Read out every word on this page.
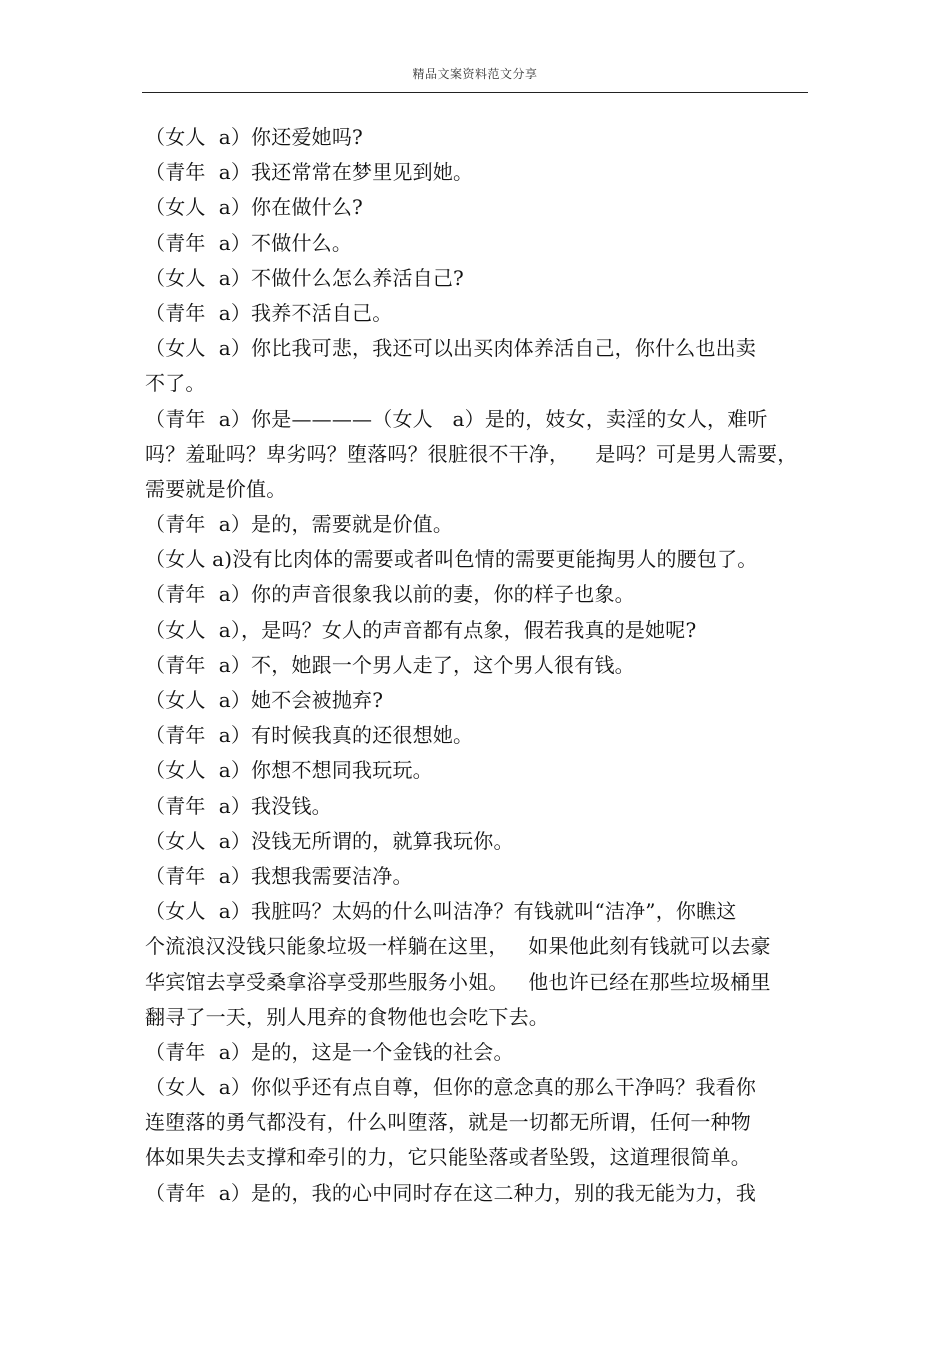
精品文案资料范文分享
（女人  a）你还爱她吗?
（青年  a）我还常常在梦里见到她。
（女人  a）你在做什么?
（青年  a）不做什么。
（女人  a）不做什么怎么养活自己?
（青年  a）我养不活自己。
（女人  a）你比我可悲，我还可以出买肉体养活自己，你什么也出卖
不了。
（青年  a）你是————（女人   a）是的，妓女，卖淫的女人，难听
吗？羞耻吗？卑劣吗？堕落吗？很脏很不干净，    是吗？可是男人需要，
需要就是价值。
（青年  a）是的，需要就是价值。
（女人 a)没有比肉体的需要或者叫色情的需要更能掏男人的腰包了。
（青年  a）你的声音很象我以前的妻，你的样子也象。
（女人  a），是吗？女人的声音都有点象，假若我真的是她呢?
（青年  a）不，她跟一个男人走了，这个男人很有钱。
（女人  a）她不会被抛弃?
（青年  a）有时候我真的还很想她。
（女人  a）你想不想同我玩玩。
（青年  a）我没钱。
（女人  a）没钱无所谓的，就算我玩你。
（青年  a）我想我需要洁净。
（女人  a）我脏吗？太妈的什么叫洁净？有钱就叫“洁净”，你瞧这
个流浪汉没钱只能象垃圾一样躺在这里，   如果他此刻有钱就可以去豪
华宾馆去享受桑拿浴享受那些服务小姐。   他也许已经在那些垃圾桶里
翻寻了一天，别人甩弃的食物他也会吃下去。
（青年  a）是的，这是一个金钱的社会。
（女人  a）你似乎还有点自尊，但你的意念真的那么干净吗？我看你
连堕落的勇气都没有，什么叫堕落，就是一切都无所谓，任何一种物
体如果失去支撑和牵引的力，它只能坠落或者坠毁，这道理很简单。
（青年  a）是的，我的心中同时存在这二种力，别的我无能为力，我
